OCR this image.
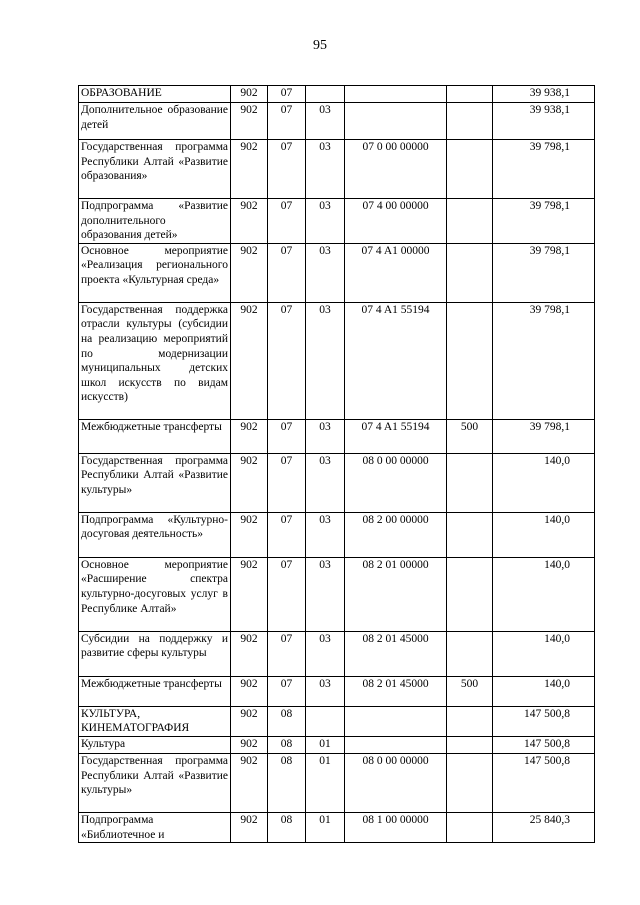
95
ОБРАЗОВАНИЕ	902	07				39 938,1
Дополнительное образование детей	902	07	03			39 938,1
Государственная программа Республики Алтай «Развитие образования»	902	07	03	07 0 00 00000		39 798,1
Подпрограмма «Развитие дополнительного образования детей»	902	07	03	07 4 00 00000		39 798,1
Основное мероприятие «Реализация регионального проекта «Культурная среда»	902	07	03	07 4 A1 00000		39 798,1
Государственная поддержка отрасли культуры (субсидии на реализацию мероприятий по модернизации муниципальных детских школ искусств по видам искусств)	902	07	03	07 4 A1 55194		39 798,1
Межбюджетные трансферты	902	07	03	07 4 A1 55194	500	39 798,1
Государственная программа Республики Алтай «Развитие культуры»	902	07	03	08 0 00 00000		140,0
Подпрограмма «Культурно-досуговая деятельность»	902	07	03	08 2 00 00000		140,0
Основное мероприятие «Расширение спектра культурно-досуговых услуг в Республике Алтай»	902	07	03	08 2 01 00000		140,0
Субсидии на поддержку и развитие сферы культуры	902	07	03	08 2 01 45000		140,0
Межбюджетные трансферты	902	07	03	08 2 01 45000	500	140,0
КУЛЬТУРА, КИНЕМАТОГРАФИЯ	902	08				147 500,8
Культура	902	08	01			147 500,8
Государственная программа Республики Алтай «Развитие культуры»	902	08	01	08 0 00 00000		147 500,8
Подпрограмма «Библиотечное и	902	08	01	08 1 00 00000		25 840,3
